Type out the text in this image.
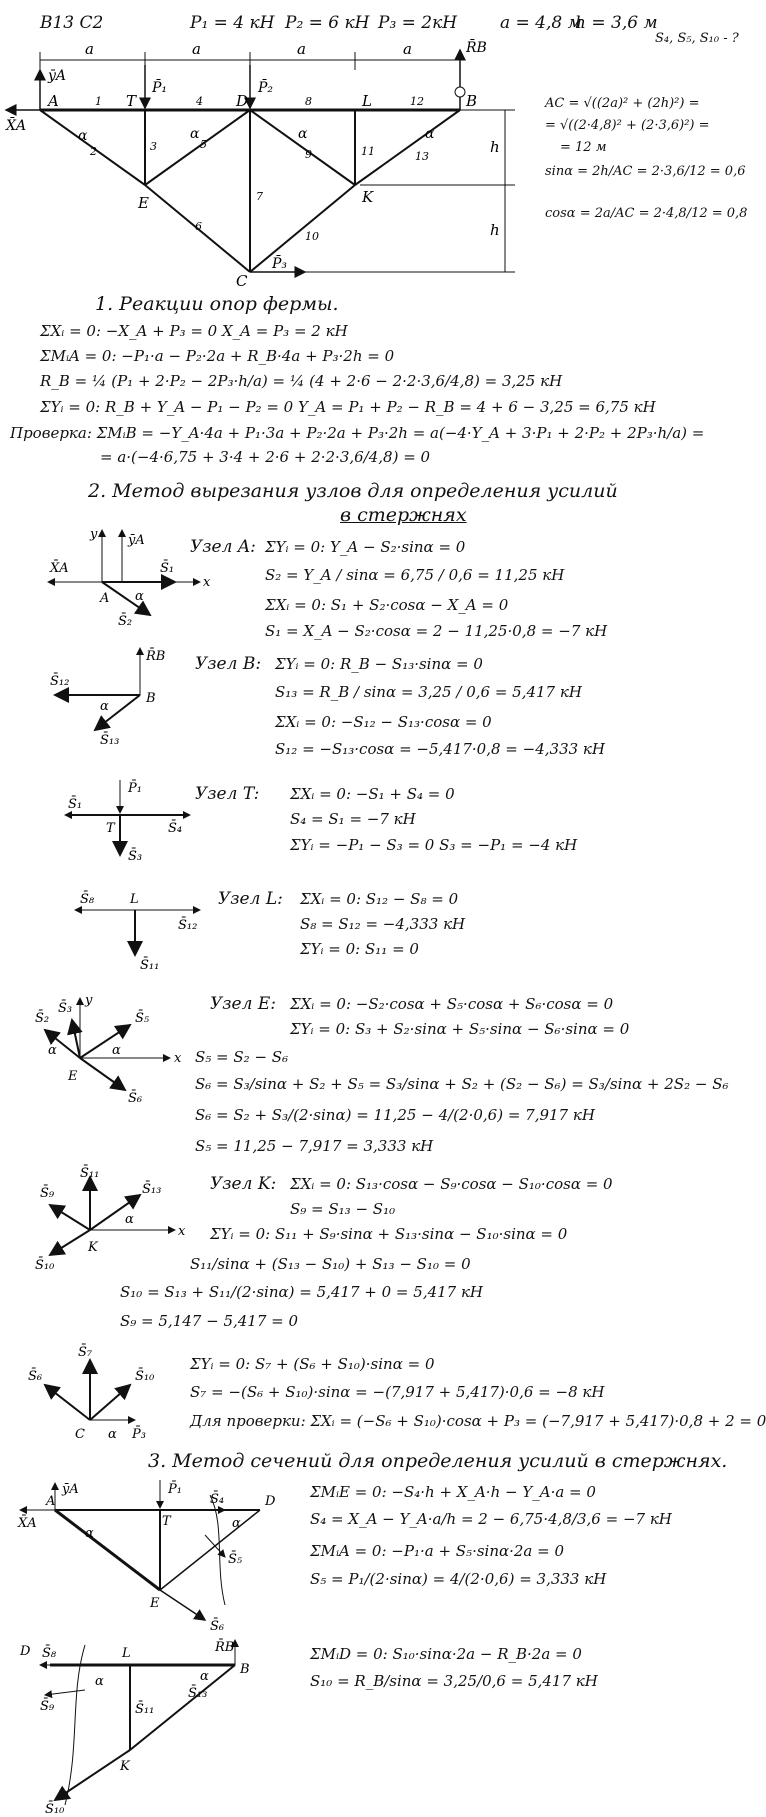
В13 С2	P₁ = 4 кН P₂ = 6 кН P₃ = 2кН	a = 4,8 м
h = 3,6 м
S₄, S₅, S₁₀ - ?
a	a	a	a
h
h
ȳA
X̄A
P̄₁	P̄₂
R̄B
P̄₃
A	T	D	L	B
E	K
C
1
2	3
4
5
6
7
8
9
10
11
12
13
α	α	α	α
AC = √((2a)² + (2h)²) =
= √((2·4,8)² + (2·3,6)²) =
= 12 м
sinα = 2h/AC = 2·3,6/12 = 0,6
cosα = 2a/AC = 2·4,8/12 = 0,8
1. Реакции опор фермы.
ΣXᵢ = 0: −X_A + P₃ = 0 X_A = P₃ = 2 кН
ΣMᵢA = 0: −P₁·a − P₂·2a + R_B·4a + P₃·2h = 0
R_B = ¼ (P₁ + 2·P₂ − 2P₃·h/a) = ¼ (4 + 2·6 − 2·2·3,6/4,8) = 3,25 кН
ΣYᵢ = 0: R_B + Y_A − P₁ − P₂ = 0 Y_A = P₁ + P₂ − R_B = 4 + 6 − 3,25 = 6,75 кН
Проверка: ΣMᵢB = −Y_A·4a + P₁·3a + P₂·2a + P₃·2h = a(−4·Y_A + 3·P₁ + 2·P₂ + 2P₃·h/a) =
= a·(−4·6,75 + 3·4 + 2·6 + 2·2·3,6/4,8) = 0
2. Метод вырезания узлов для определения усилий
в стержнях
y ȳA
X̄A	S̄₁
x
A α
S̄₂
Узел A: ΣYᵢ = 0: Y_A − S₂·sinα = 0
S₂ = Y_A / sinα = 6,75 / 0,6 = 11,25 кН
ΣXᵢ = 0: S₁ + S₂·cosα − X_A = 0
S₁ = X_A − S₂·cosα = 2 − 11,25·0,8 = −7 кН
R̄B
S̄₁₂
B
α
S̄₁₃
Узел B: ΣYᵢ = 0: R_B − S₁₃·sinα = 0
S₁₃ = R_B / sinα = 3,25 / 0,6 = 5,417 кН
ΣXᵢ = 0: −S₁₂ − S₁₃·cosα = 0
S₁₂ = −S₁₃·cosα = −5,417·0,8 = −4,333 кН
P̄₁
S̄₁
S̄₄
T
S̄₃
Узел T: ΣXᵢ = 0: −S₁ + S₄ = 0
S₄ = S₁ = −7 кН
ΣYᵢ = −P₁ − S₃ = 0 S₃ = −P₁ = −4 кН
S̄₈	L
S̄₁₂
S̄₁₁
Узел L: ΣXᵢ = 0: S₁₂ − S₈ = 0
S₈ = S₁₂ = −4,333 кН
ΣYᵢ = 0: S₁₁ = 0
y
S̄₂
S̄₃
S̄₅
x
E
α	α
S̄₆
Узел E: ΣXᵢ = 0: −S₂·cosα + S₅·cosα + S₆·cosα = 0
ΣYᵢ = 0: S₃ + S₂·sinα + S₅·sinα − S₆·sinα = 0
S₅ = S₂ − S₆
S₆ = S₃/sinα + S₂ + S₅ = S₃/sinα + S₂ + (S₂ − S₆) = S₃/sinα + 2S₂ − S₆
S₆ = S₂ + S₃/(2·sinα) = 11,25 − 4/(2·0,6) = 7,917 кН
S₅ = 11,25 − 7,917 = 3,333 кН
S̄₁₁
S̄₉	S̄₁₃
x
K
α
S̄₁₀
Узел K: ΣXᵢ = 0: S₁₃·cosα − S₉·cosα − S₁₀·cosα = 0
S₉ = S₁₃ − S₁₀
ΣYᵢ = 0: S₁₁ + S₉·sinα + S₁₃·sinα − S₁₀·sinα = 0
S₁₁/sinα + (S₁₃ − S₁₀) + S₁₃ − S₁₀ = 0
S₁₀ = S₁₃ + S₁₁/(2·sinα) = 5,417 + 0 = 5,417 кН
S₉ = 5,147 − 5,417 = 0
S̄₇
S̄₆	S̄₁₀
C α P̄₃
ΣYᵢ = 0: S₇ + (S₆ + S₁₀)·sinα = 0
S₇ = −(S₆ + S₁₀)·sinα = −(7,917 + 5,417)·0,6 = −8 кН
Для проверки: ΣXᵢ = (−S₆ + S₁₀)·cosα + P₃ = (−7,917 + 5,417)·0,8 + 2 = 0
3. Метод сечений для определения усилий в стержнях.
ȳA
X̄A
A
P̄₁
S̄₄	D
T
S̄₅
S̄₆
E
α
α
ΣMᵢE = 0: −S₄·h + X_A·h − Y_A·a = 0
S₄ = X_A − Y_A·a/h = 2 − 6,75·4,8/3,6 = −7 кН
ΣMᵢA = 0: −P₁·a + S₅·sinα·2a = 0
S₅ = P₁/(2·sinα) = 4/(2·0,6) = 3,333 кН
D S̄₈	L	R̄B
B
S̄₉	S̄₁₁
S̄₁₃
K
S̄₁₀
α	α
ΣMᵢD = 0: S₁₀·sinα·2a − R_B·2a = 0
S₁₀ = R_B/sinα = 3,25/0,6 = 5,417 кН
